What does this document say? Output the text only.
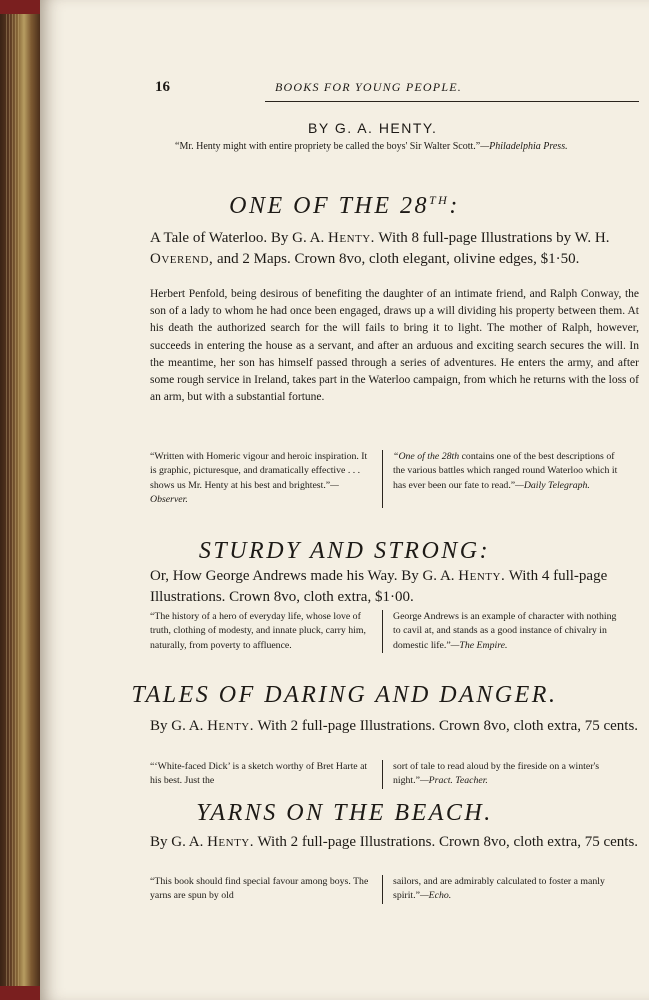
16	BOOKS FOR YOUNG PEOPLE.
BY G. A. HENTY.
“Mr. Henty might with entire propriety be called the boys' Sir Walter Scott.”—Philadelphia Press.
ONE OF THE 28TH:
A Tale of Waterloo. By G. A. Henty. With 8 full-page Illustrations by W. H. Overend, and 2 Maps. Crown 8vo, cloth elegant, olivine edges, $1·50.
Herbert Penfold, being desirous of benefiting the daughter of an intimate friend, and Ralph Conway, the son of a lady to whom he had once been engaged, draws up a will dividing his property between them. At his death the authorized search for the will fails to bring it to light. The mother of Ralph, however, succeeds in entering the house as a servant, and after an arduous and exciting search secures the will. In the meantime, her son has himself passed through a series of adventures. He enters the army, and after some rough service in Ireland, takes part in the Waterloo campaign, from which he returns with the loss of an arm, but with a substantial fortune.
“Written with Homeric vigour and heroic inspiration. It is graphic, picturesque, and dramatically effective . . . shows us Mr. Henty at his best and brightest.”—Observer.
“One of the 28th contains one of the best descriptions of the various battles which ranged round Waterloo which it has ever been our fate to read.”—Daily Telegraph.
STURDY AND STRONG:
Or, How George Andrews made his Way. By G. A. Henty. With 4 full-page Illustrations. Crown 8vo, cloth extra, $1·00.
“The history of a hero of everyday life, whose love of truth, clothing of modesty, and innate pluck, carry him, naturally, from poverty to affluence.
George Andrews is an example of character with nothing to cavil at, and stands as a good instance of chivalry in domestic life.”—The Empire.
TALES OF DARING AND DANGER.
By G. A. Henty. With 2 full-page Illustrations. Crown 8vo, cloth extra, 75 cents.
“‘White-faced Dick’ is a sketch worthy of Bret Harte at his best. Just the
sort of tale to read aloud by the fireside on a winter's night.”—Pract. Teacher.
YARNS ON THE BEACH.
By G. A. Henty. With 2 full-page Illustrations. Crown 8vo, cloth extra, 75 cents.
“This book should find special favour among boys. The yarns are spun by old
sailors, and are admirably calculated to foster a manly spirit.”—Echo.
